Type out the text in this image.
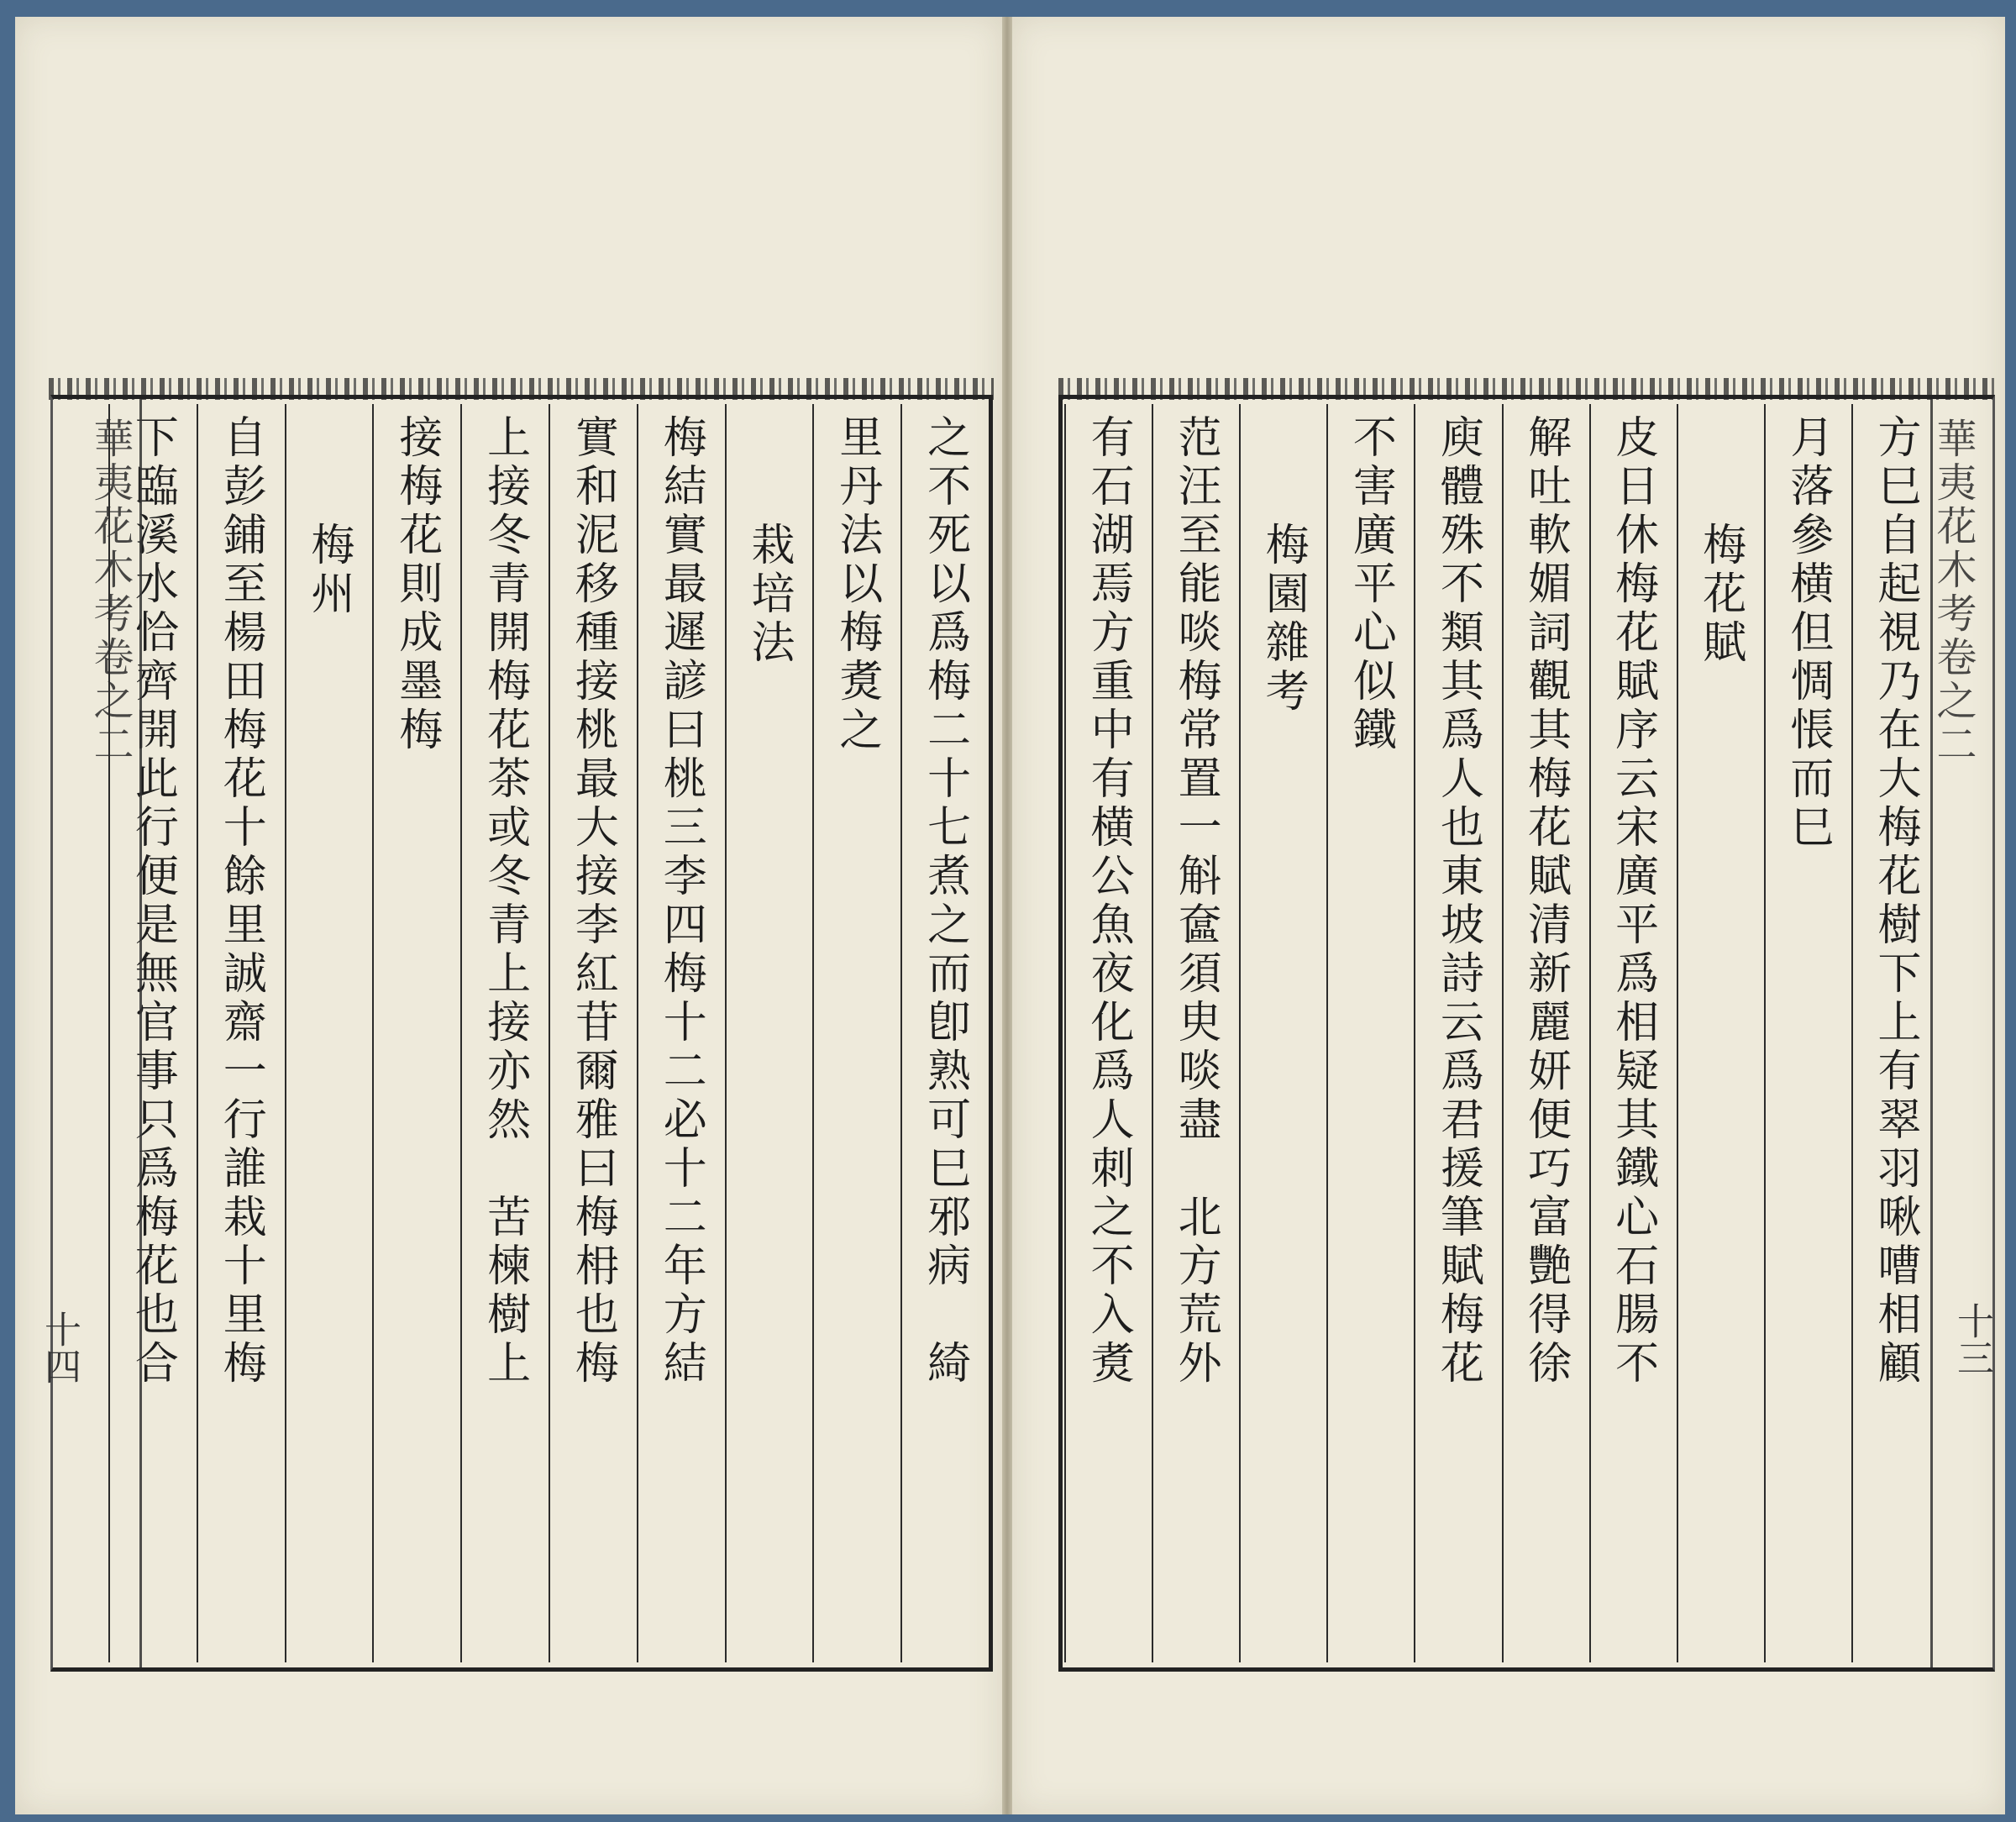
之不死以爲梅二十七煮之而卽熟可巳邪病　綺
里丹法以梅煑之
栽培法
梅結實最遲諺曰桃三李四梅十二必十二年方結
實和泥移種接桃最大接李紅苷爾雅曰梅枏也梅
上接冬青開梅花茶或冬青上接亦然　苦楝樹上
接梅花則成墨梅
梅州
自彭鋪至楊田梅花十餘里誠齋一行誰栽十里梅
下臨溪水恰齊開此行便是無官事只爲梅花也合
華夷花木考卷之二
十四	方巳自起視乃在大梅花樹下上有翠羽啾嘈相顧
月落參横但惆悵而巳
梅花賦
皮日休梅花賦序云宋廣平爲相疑其鐵心石腸不
解吐軟媚詞觀其梅花賦清新麗妍便巧富艷得徐
庾體殊不類其爲人也東坡詩云爲君援筆賦梅花
不害廣平心似鐵
梅園雜考
范汪至能啖梅常置一斛奩須㬰啖盡　北方荒外
有石湖焉方重中有横公魚夜化爲人刺之不入煑	華夷花木考卷之二
十三
